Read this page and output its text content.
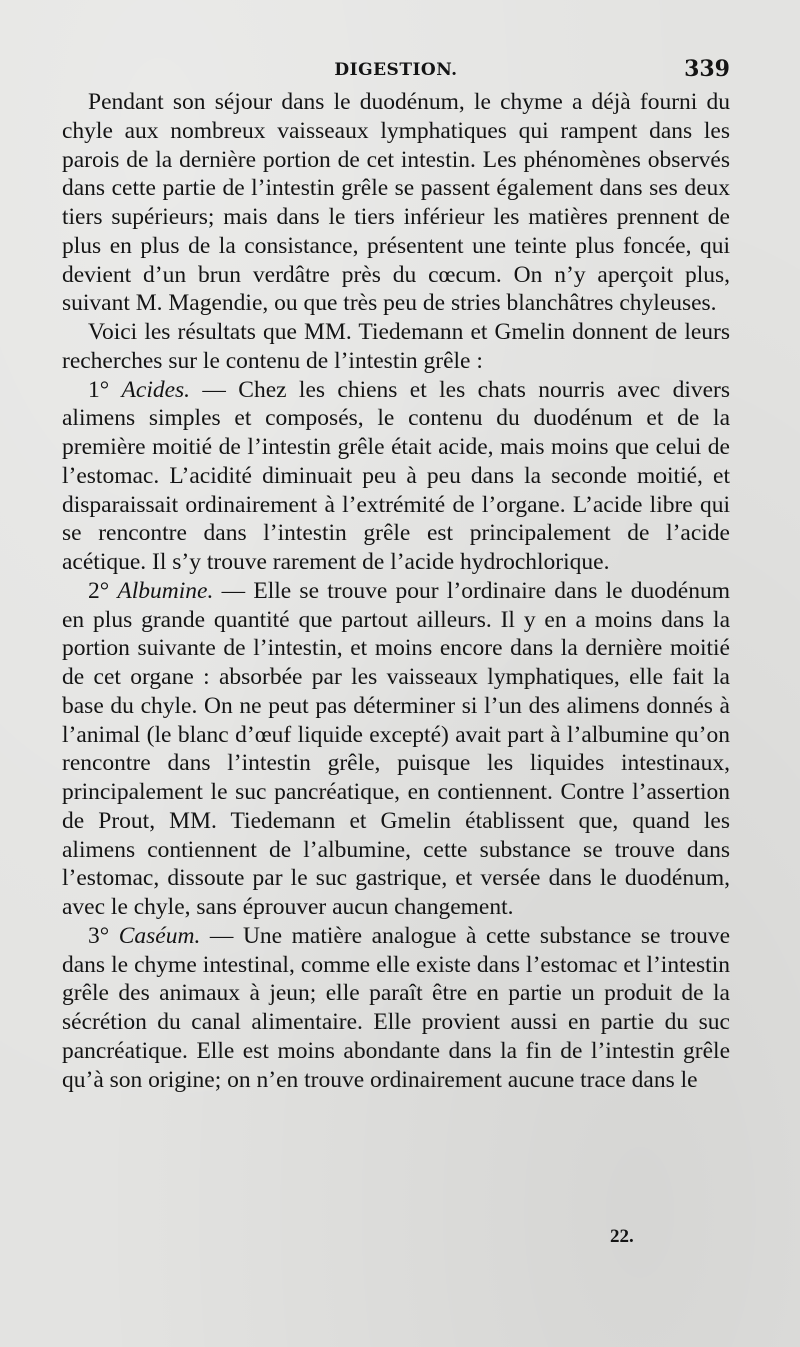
DIGESTION.	339

Pendant son séjour dans le duodénum, le chyme a déjà fourni du chyle aux nombreux vaisseaux lymphatiques qui rampent dans les parois de la dernière portion de cet intestin. Les phénomènes observés dans cette partie de l’intestin grêle se passent également dans ses deux tiers supérieurs; mais dans le tiers inférieur les matières prennent de plus en plus de la consistance, présentent une teinte plus foncée, qui devient d’un brun verdâtre près du cœcum. On n’y aperçoit plus, suivant M. Magendie, ou que très peu de stries blanchâtres chyleuses.

Voici les résultats que MM. Tiedemann et Gmelin donnent de leurs recherches sur le contenu de l’intestin grêle :

1° Acides. — Chez les chiens et les chats nourris avec divers alimens simples et composés, le contenu du duodénum et de la première moitié de l’intestin grêle était acide, mais moins que celui de l’estomac. L’acidité diminuait peu à peu dans la seconde moitié, et disparaissait ordinairement à l’extrémité de l’organe. L’acide libre qui se rencontre dans l’intestin grêle est principalement de l’acide acétique. Il s’y trouve rarement de l’acide hydrochlorique.

2° Albumine. — Elle se trouve pour l’ordinaire dans le duodénum en plus grande quantité que partout ailleurs. Il y en a moins dans la portion suivante de l’intestin, et moins encore dans la dernière moitié de cet organe : absorbée par les vaisseaux lymphatiques, elle fait la base du chyle. On ne peut pas déterminer si l’un des alimens donnés à l’animal (le blanc d’œuf liquide excepté) avait part à l’albumine qu’on rencontre dans l’intestin grêle, puisque les liquides intestinaux, principalement le suc pancréatique, en contiennent. Contre l’assertion de Prout, MM. Tiedemann et Gmelin établissent que, quand les alimens contiennent de l’albumine, cette substance se trouve dans l’estomac, dissoute par le suc gastrique, et versée dans le duodénum, avec le chyle, sans éprouver aucun changement.

3° Caséum. — Une matière analogue à cette substance se trouve dans le chyme intestinal, comme elle existe dans l’estomac et l’intestin grêle des animaux à jeun; elle paraît être en partie un produit de la sécrétion du canal alimentaire. Elle provient aussi en partie du suc pancréatique. Elle est moins abondante dans la fin de l’intestin grêle qu’à son origine; on n’en trouve ordinairement aucune trace dans le

22.
